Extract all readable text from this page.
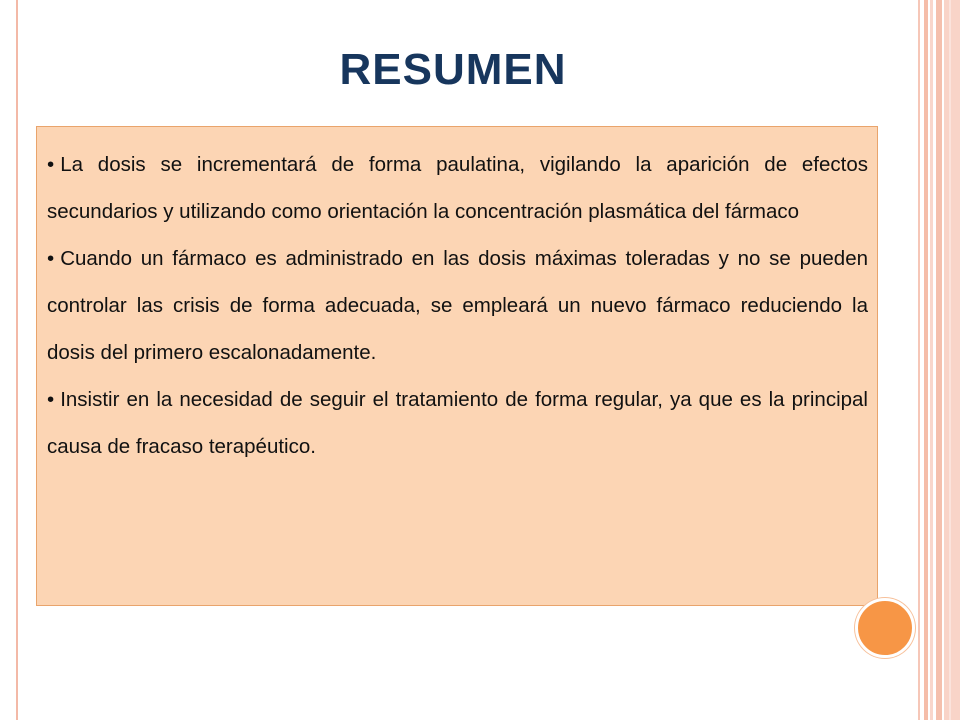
RESUMEN

• La dosis se incrementará de forma paulatina, vigilando la aparición de efectos secundarios y utilizando como orientación la concentración plasmática del fármaco

• Cuando un fármaco es administrado en las dosis máximas toleradas y no se pueden controlar las crisis de forma adecuada, se empleará un nuevo fármaco reduciendo la dosis del primero escalonadamente.

• Insistir en la necesidad de seguir el tratamiento de forma regular, ya que es la principal causa de fracaso terapéutico.
